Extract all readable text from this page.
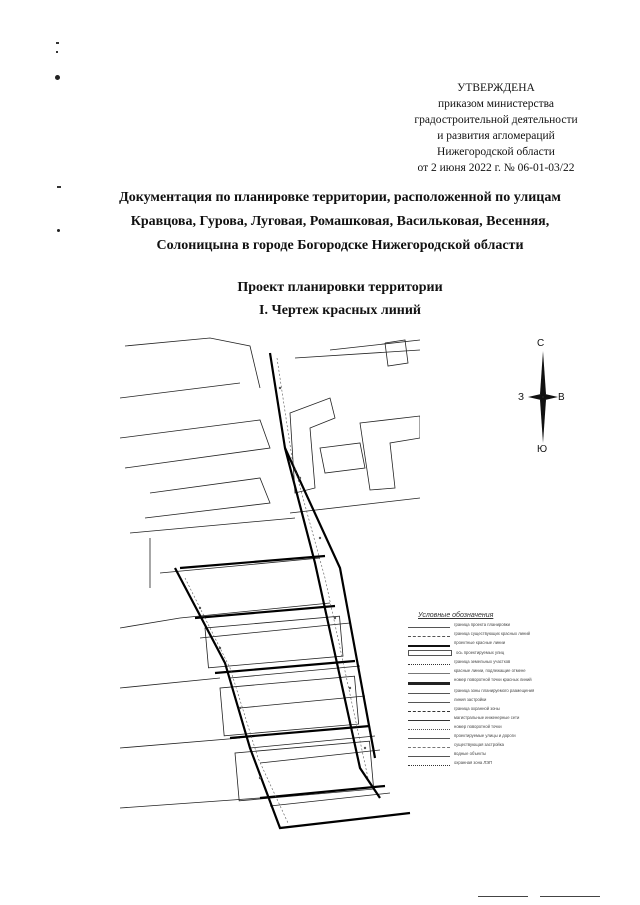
УТВЕРЖДЕНА
приказом министерства
градостроительной деятельности
и развития агломераций
Нижегородской области
от 2 июня 2022 г. № 06-01-03/22
Документация по планировке территории, расположенной по улицам
Кравцова, Гурова, Луговая, Ромашковая, Васильковая, Весенняя,
Солоницына в городе Богородске Нижегородской области
Проект планировки территории
I. Чертеж красных линий
С
Ю
З	В
Условные обозначения
граница проекта планировки
граница существующих красных линий
проектные красные линии
ось проектируемых улиц
граница земельных участков
красные линии, подлежащие отмене
номер поворотной точки красных линий
граница зоны планируемого размещения
линия застройки
граница охранной зоны
магистральные инженерные сети
номер поворотной точки
проектируемые улицы и дороги
существующая застройка
водные объекты
охранная зона ЛЭП
